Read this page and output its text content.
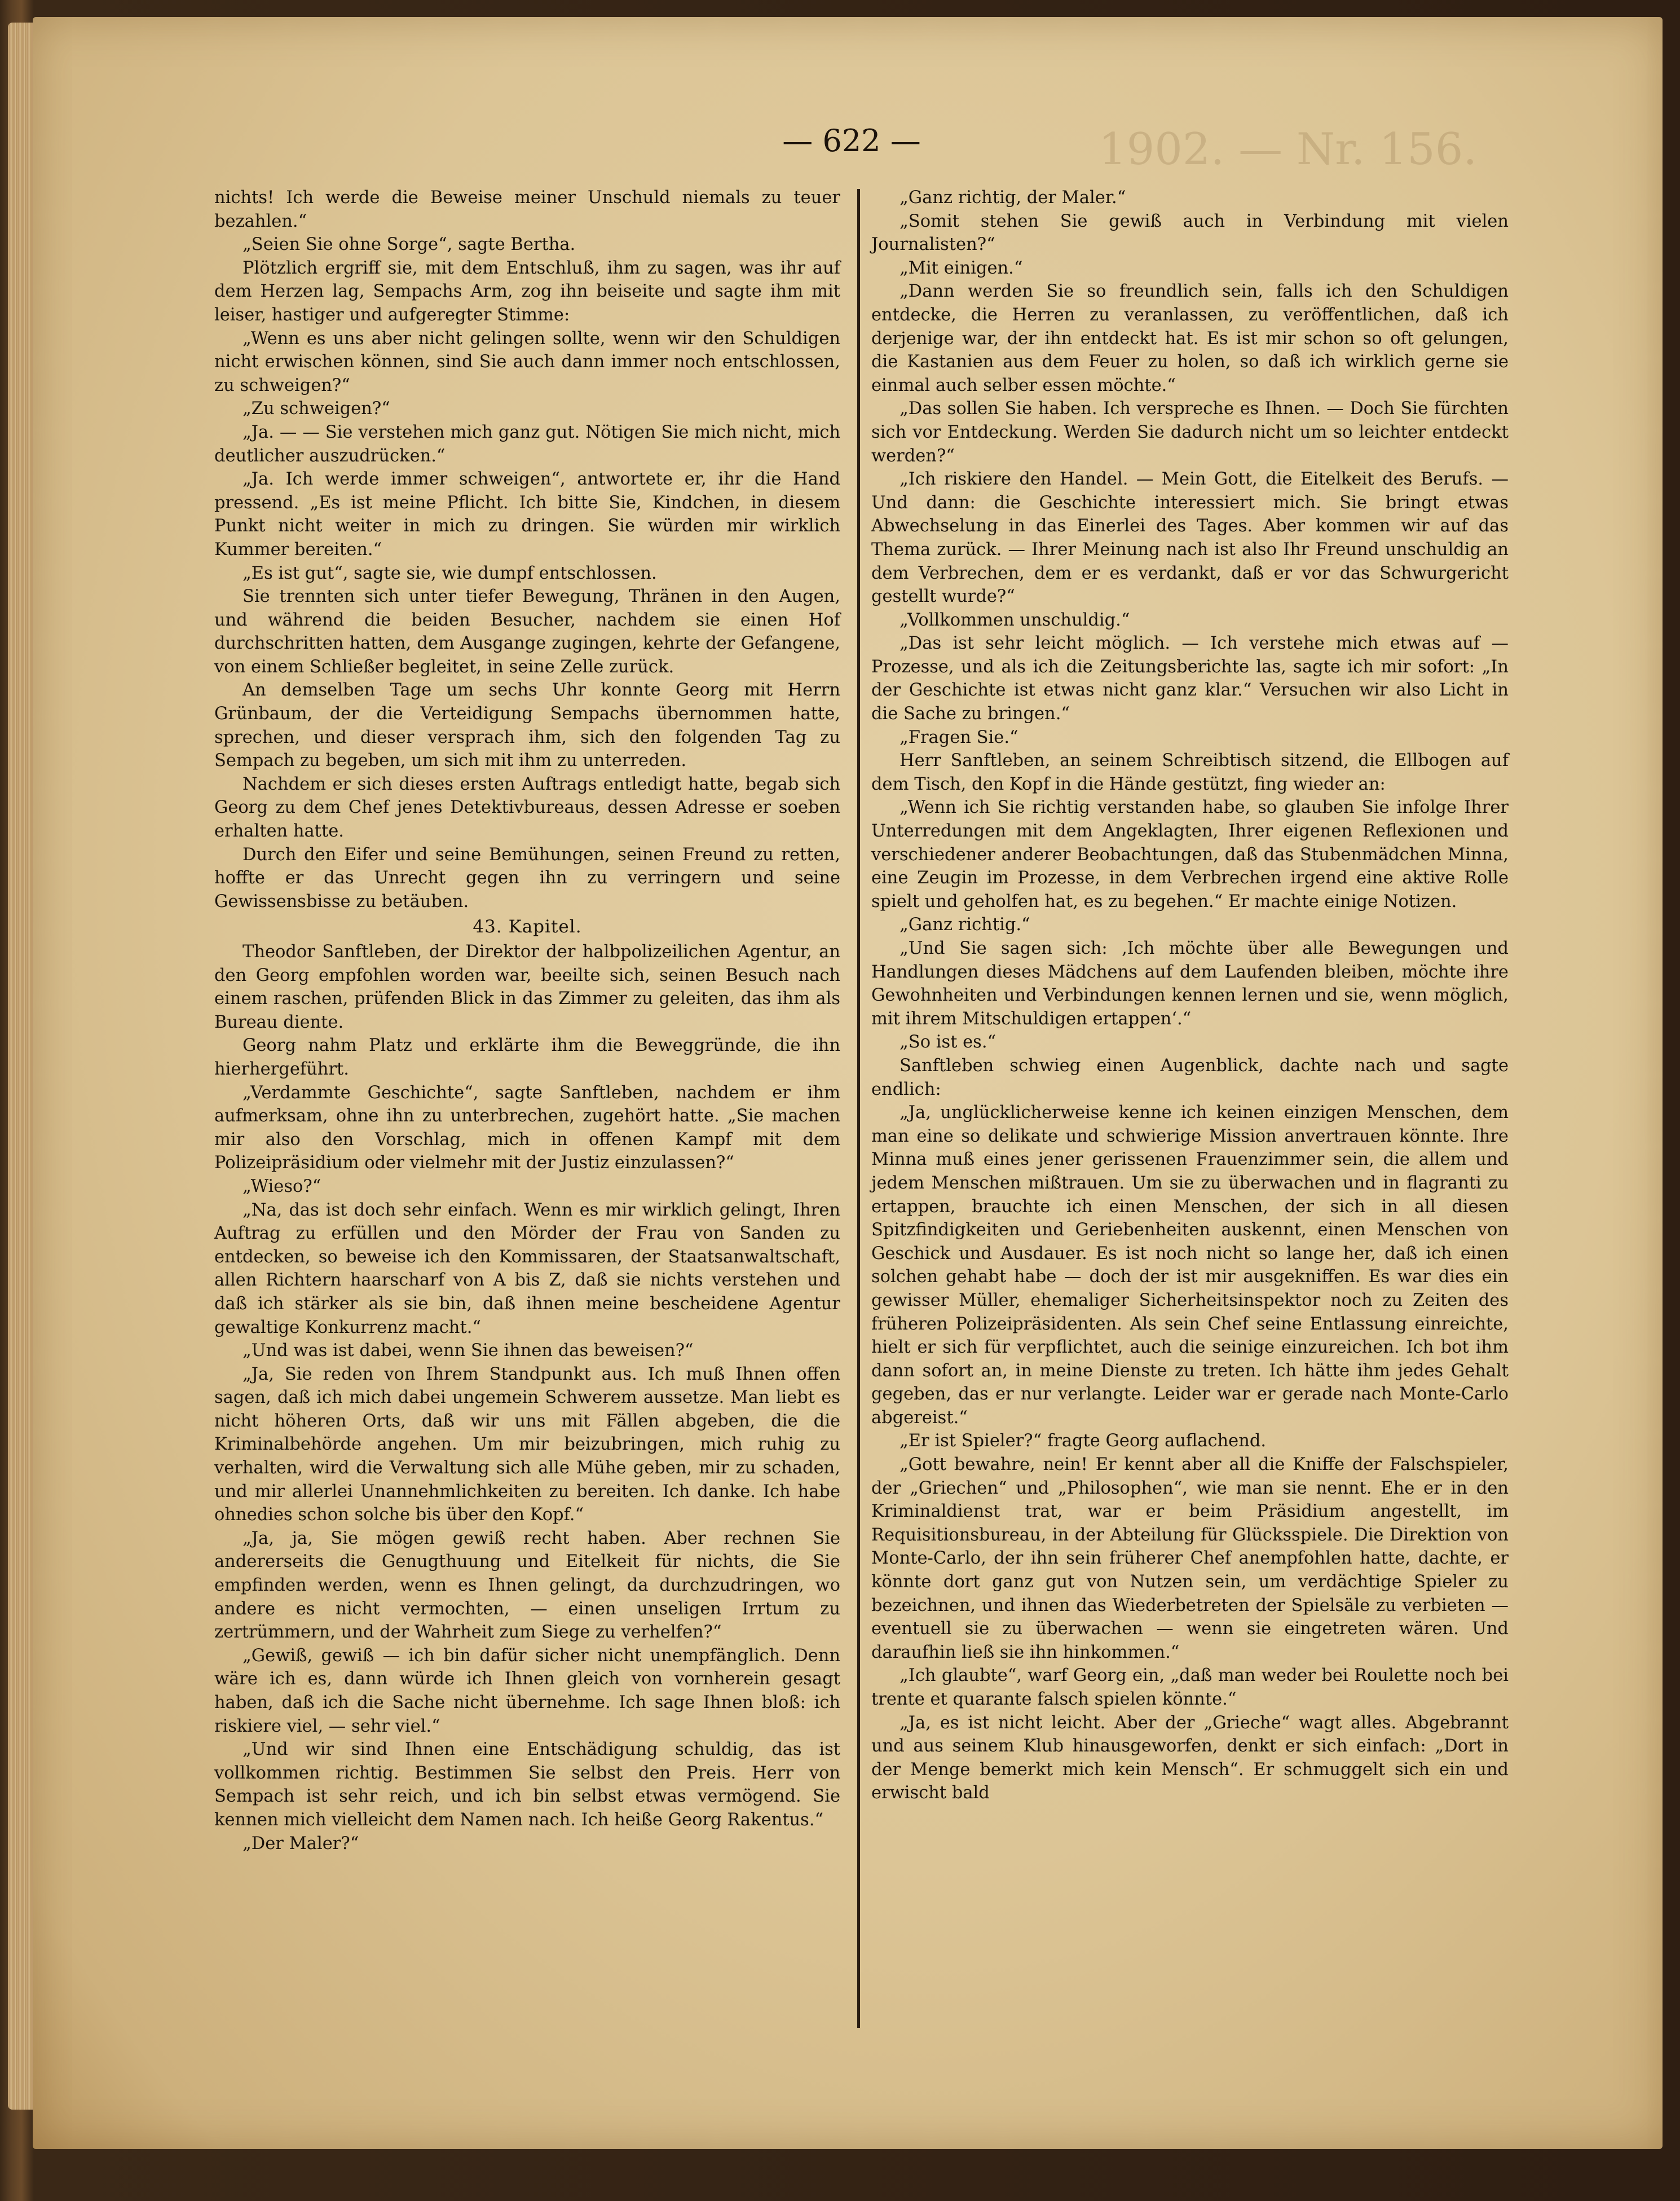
1902. — Nr. 156.
— 622 —

nichts! Ich werde die Beweise meiner Unschuld niemals zu teuer bezahlen.“

„Seien Sie ohne Sorge“, sagte Bertha.

Plötzlich ergriff sie, mit dem Entschluß, ihm zu sagen, was ihr auf dem Herzen lag, Sempachs Arm, zog ihn beiseite und sagte ihm mit leiser, hastiger und aufgeregter Stimme:

„Wenn es uns aber nicht gelingen sollte, wenn wir den Schuldigen nicht erwischen können, sind Sie auch dann immer noch entschlossen, zu schweigen?“

„Zu schweigen?“

„Ja. — — Sie verstehen mich ganz gut. Nötigen Sie mich nicht, mich deutlicher auszudrücken.“

„Ja. Ich werde immer schweigen“, antwortete er, ihr die Hand pressend. „Es ist meine Pflicht. Ich bitte Sie, Kindchen, in diesem Punkt nicht weiter in mich zu dringen. Sie würden mir wirklich Kummer bereiten.“

„Es ist gut“, sagte sie, wie dumpf entschlossen.

Sie trennten sich unter tiefer Bewegung, Thränen in den Augen, und während die beiden Besucher, nachdem sie einen Hof durchschritten hatten, dem Ausgange zugingen, kehrte der Gefangene, von einem Schließer begleitet, in seine Zelle zurück.

An demselben Tage um sechs Uhr konnte Georg mit Herrn Grünbaum, der die Verteidigung Sempachs übernommen hatte, sprechen, und dieser versprach ihm, sich den folgenden Tag zu Sempach zu begeben, um sich mit ihm zu unterreden.

Nachdem er sich dieses ersten Auftrags entledigt hatte, begab sich Georg zu dem Chef jenes Detektivbureaus, dessen Adresse er soeben erhalten hatte.

Durch den Eifer und seine Bemühungen, seinen Freund zu retten, hoffte er das Unrecht gegen ihn zu verringern und seine Gewissensbisse zu betäuben.

43. Kapitel.

Theodor Sanftleben, der Direktor der halbpolizeilichen Agentur, an den Georg empfohlen worden war, beeilte sich, seinen Besuch nach einem raschen, prüfenden Blick in das Zimmer zu geleiten, das ihm als Bureau diente.

Georg nahm Platz und erklärte ihm die Beweggründe, die ihn hierhergeführt.

„Verdammte Geschichte“, sagte Sanftleben, nachdem er ihm aufmerksam, ohne ihn zu unterbrechen, zugehört hatte. „Sie machen mir also den Vorschlag, mich in offenen Kampf mit dem Polizeipräsidium oder vielmehr mit der Justiz einzulassen?“

„Wieso?“

„Na, das ist doch sehr einfach. Wenn es mir wirklich gelingt, Ihren Auftrag zu erfüllen und den Mörder der Frau von Sanden zu entdecken, so beweise ich den Kommissaren, der Staatsanwaltschaft, allen Richtern haarscharf von A bis Z, daß sie nichts verstehen und daß ich stärker als sie bin, daß ihnen meine bescheidene Agentur gewaltige Konkurrenz macht.“

„Und was ist dabei, wenn Sie ihnen das beweisen?“

„Ja, Sie reden von Ihrem Standpunkt aus. Ich muß Ihnen offen sagen, daß ich mich dabei ungemein Schwerem aussetze. Man liebt es nicht höheren Orts, daß wir uns mit Fällen abgeben, die die Kriminalbehörde angehen. Um mir beizubringen, mich ruhig zu verhalten, wird die Verwaltung sich alle Mühe geben, mir zu schaden, und mir allerlei Unannehmlichkeiten zu bereiten. Ich danke. Ich habe ohnedies schon solche bis über den Kopf.“

„Ja, ja, Sie mögen gewiß recht haben. Aber rechnen Sie andererseits die Genugthuung und Eitelkeit für nichts, die Sie empfinden werden, wenn es Ihnen gelingt, da durchzudringen, wo andere es nicht vermochten, — einen unseligen Irrtum zu zertrümmern, und der Wahrheit zum Siege zu verhelfen?“

„Gewiß, gewiß — ich bin dafür sicher nicht unempfänglich. Denn wäre ich es, dann würde ich Ihnen gleich von vornherein gesagt haben, daß ich die Sache nicht übernehme. Ich sage Ihnen bloß: ich riskiere viel, — sehr viel.“

„Und wir sind Ihnen eine Entschädigung schuldig, das ist vollkommen richtig. Bestimmen Sie selbst den Preis. Herr von Sempach ist sehr reich, und ich bin selbst etwas vermögend. Sie kennen mich vielleicht dem Namen nach. Ich heiße Georg Rakentus.“

„Der Maler?“

„Ganz richtig, der Maler.“

„Somit stehen Sie gewiß auch in Verbindung mit vielen Journalisten?“

„Mit einigen.“

„Dann werden Sie so freundlich sein, falls ich den Schuldigen entdecke, die Herren zu veranlassen, zu veröffentlichen, daß ich derjenige war, der ihn entdeckt hat. Es ist mir schon so oft gelungen, die Kastanien aus dem Feuer zu holen, so daß ich wirklich gerne sie einmal auch selber essen möchte.“

„Das sollen Sie haben. Ich verspreche es Ihnen. — Doch Sie fürchten sich vor Entdeckung. Werden Sie dadurch nicht um so leichter entdeckt werden?“

„Ich riskiere den Handel. — Mein Gott, die Eitelkeit des Berufs. — Und dann: die Geschichte interessiert mich. Sie bringt etwas Abwechselung in das Einerlei des Tages. Aber kommen wir auf das Thema zurück. — Ihrer Meinung nach ist also Ihr Freund unschuldig an dem Verbrechen, dem er es verdankt, daß er vor das Schwurgericht gestellt wurde?“

„Vollkommen unschuldig.“

„Das ist sehr leicht möglich. — Ich verstehe mich etwas auf — Prozesse, und als ich die Zeitungsberichte las, sagte ich mir sofort: „In der Geschichte ist etwas nicht ganz klar.“ Versuchen wir also Licht in die Sache zu bringen.“

„Fragen Sie.“

Herr Sanftleben, an seinem Schreibtisch sitzend, die Ellbogen auf dem Tisch, den Kopf in die Hände gestützt, fing wieder an:

„Wenn ich Sie richtig verstanden habe, so glauben Sie infolge Ihrer Unterredungen mit dem Angeklagten, Ihrer eigenen Reflexionen und verschiedener anderer Beobachtungen, daß das Stubenmädchen Minna, eine Zeugin im Prozesse, in dem Verbrechen irgend eine aktive Rolle spielt und geholfen hat, es zu begehen.“ Er machte einige Notizen.

„Ganz richtig.“

„Und Sie sagen sich: ‚Ich möchte über alle Bewegungen und Handlungen dieses Mädchens auf dem Laufenden bleiben, möchte ihre Gewohnheiten und Verbindungen kennen lernen und sie, wenn möglich, mit ihrem Mitschuldigen ertappen‘.“

„So ist es.“

Sanftleben schwieg einen Augenblick, dachte nach und sagte endlich:

„Ja, unglücklicherweise kenne ich keinen einzigen Menschen, dem man eine so delikate und schwierige Mission anvertrauen könnte. Ihre Minna muß eines jener gerissenen Frauenzimmer sein, die allem und jedem Menschen mißtrauen. Um sie zu überwachen und in flagranti zu ertappen, brauchte ich einen Menschen, der sich in all diesen Spitzfindigkeiten und Geriebenheiten auskennt, einen Menschen von Geschick und Ausdauer. Es ist noch nicht so lange her, daß ich einen solchen gehabt habe — doch der ist mir ausgekniffen. Es war dies ein gewisser Müller, ehemaliger Sicherheitsinspektor noch zu Zeiten des früheren Polizeipräsidenten. Als sein Chef seine Entlassung einreichte, hielt er sich für verpflichtet, auch die seinige einzureichen. Ich bot ihm dann sofort an, in meine Dienste zu treten. Ich hätte ihm jedes Gehalt gegeben, das er nur verlangte. Leider war er gerade nach Monte-Carlo abgereist.“

„Er ist Spieler?“ fragte Georg auflachend.

„Gott bewahre, nein! Er kennt aber all die Kniffe der Falschspieler, der „Griechen“ und „Philosophen“, wie man sie nennt. Ehe er in den Kriminaldienst trat, war er beim Präsidium angestellt, im Requisitionsbureau, in der Abteilung für Glücksspiele. Die Direktion von Monte-Carlo, der ihn sein früherer Chef anempfohlen hatte, dachte, er könnte dort ganz gut von Nutzen sein, um verdächtige Spieler zu bezeichnen, und ihnen das Wiederbetreten der Spielsäle zu verbieten — eventuell sie zu überwachen — wenn sie eingetreten wären. Und daraufhin ließ sie ihn hinkommen.“

„Ich glaubte“, warf Georg ein, „daß man weder bei Roulette noch bei trente et quarante falsch spielen könnte.“

„Ja, es ist nicht leicht. Aber der „Grieche“ wagt alles. Abgebrannt und aus seinem Klub hinausgeworfen, denkt er sich einfach: „Dort in der Menge bemerkt mich kein Mensch“. Er schmuggelt sich ein und erwischt bald
